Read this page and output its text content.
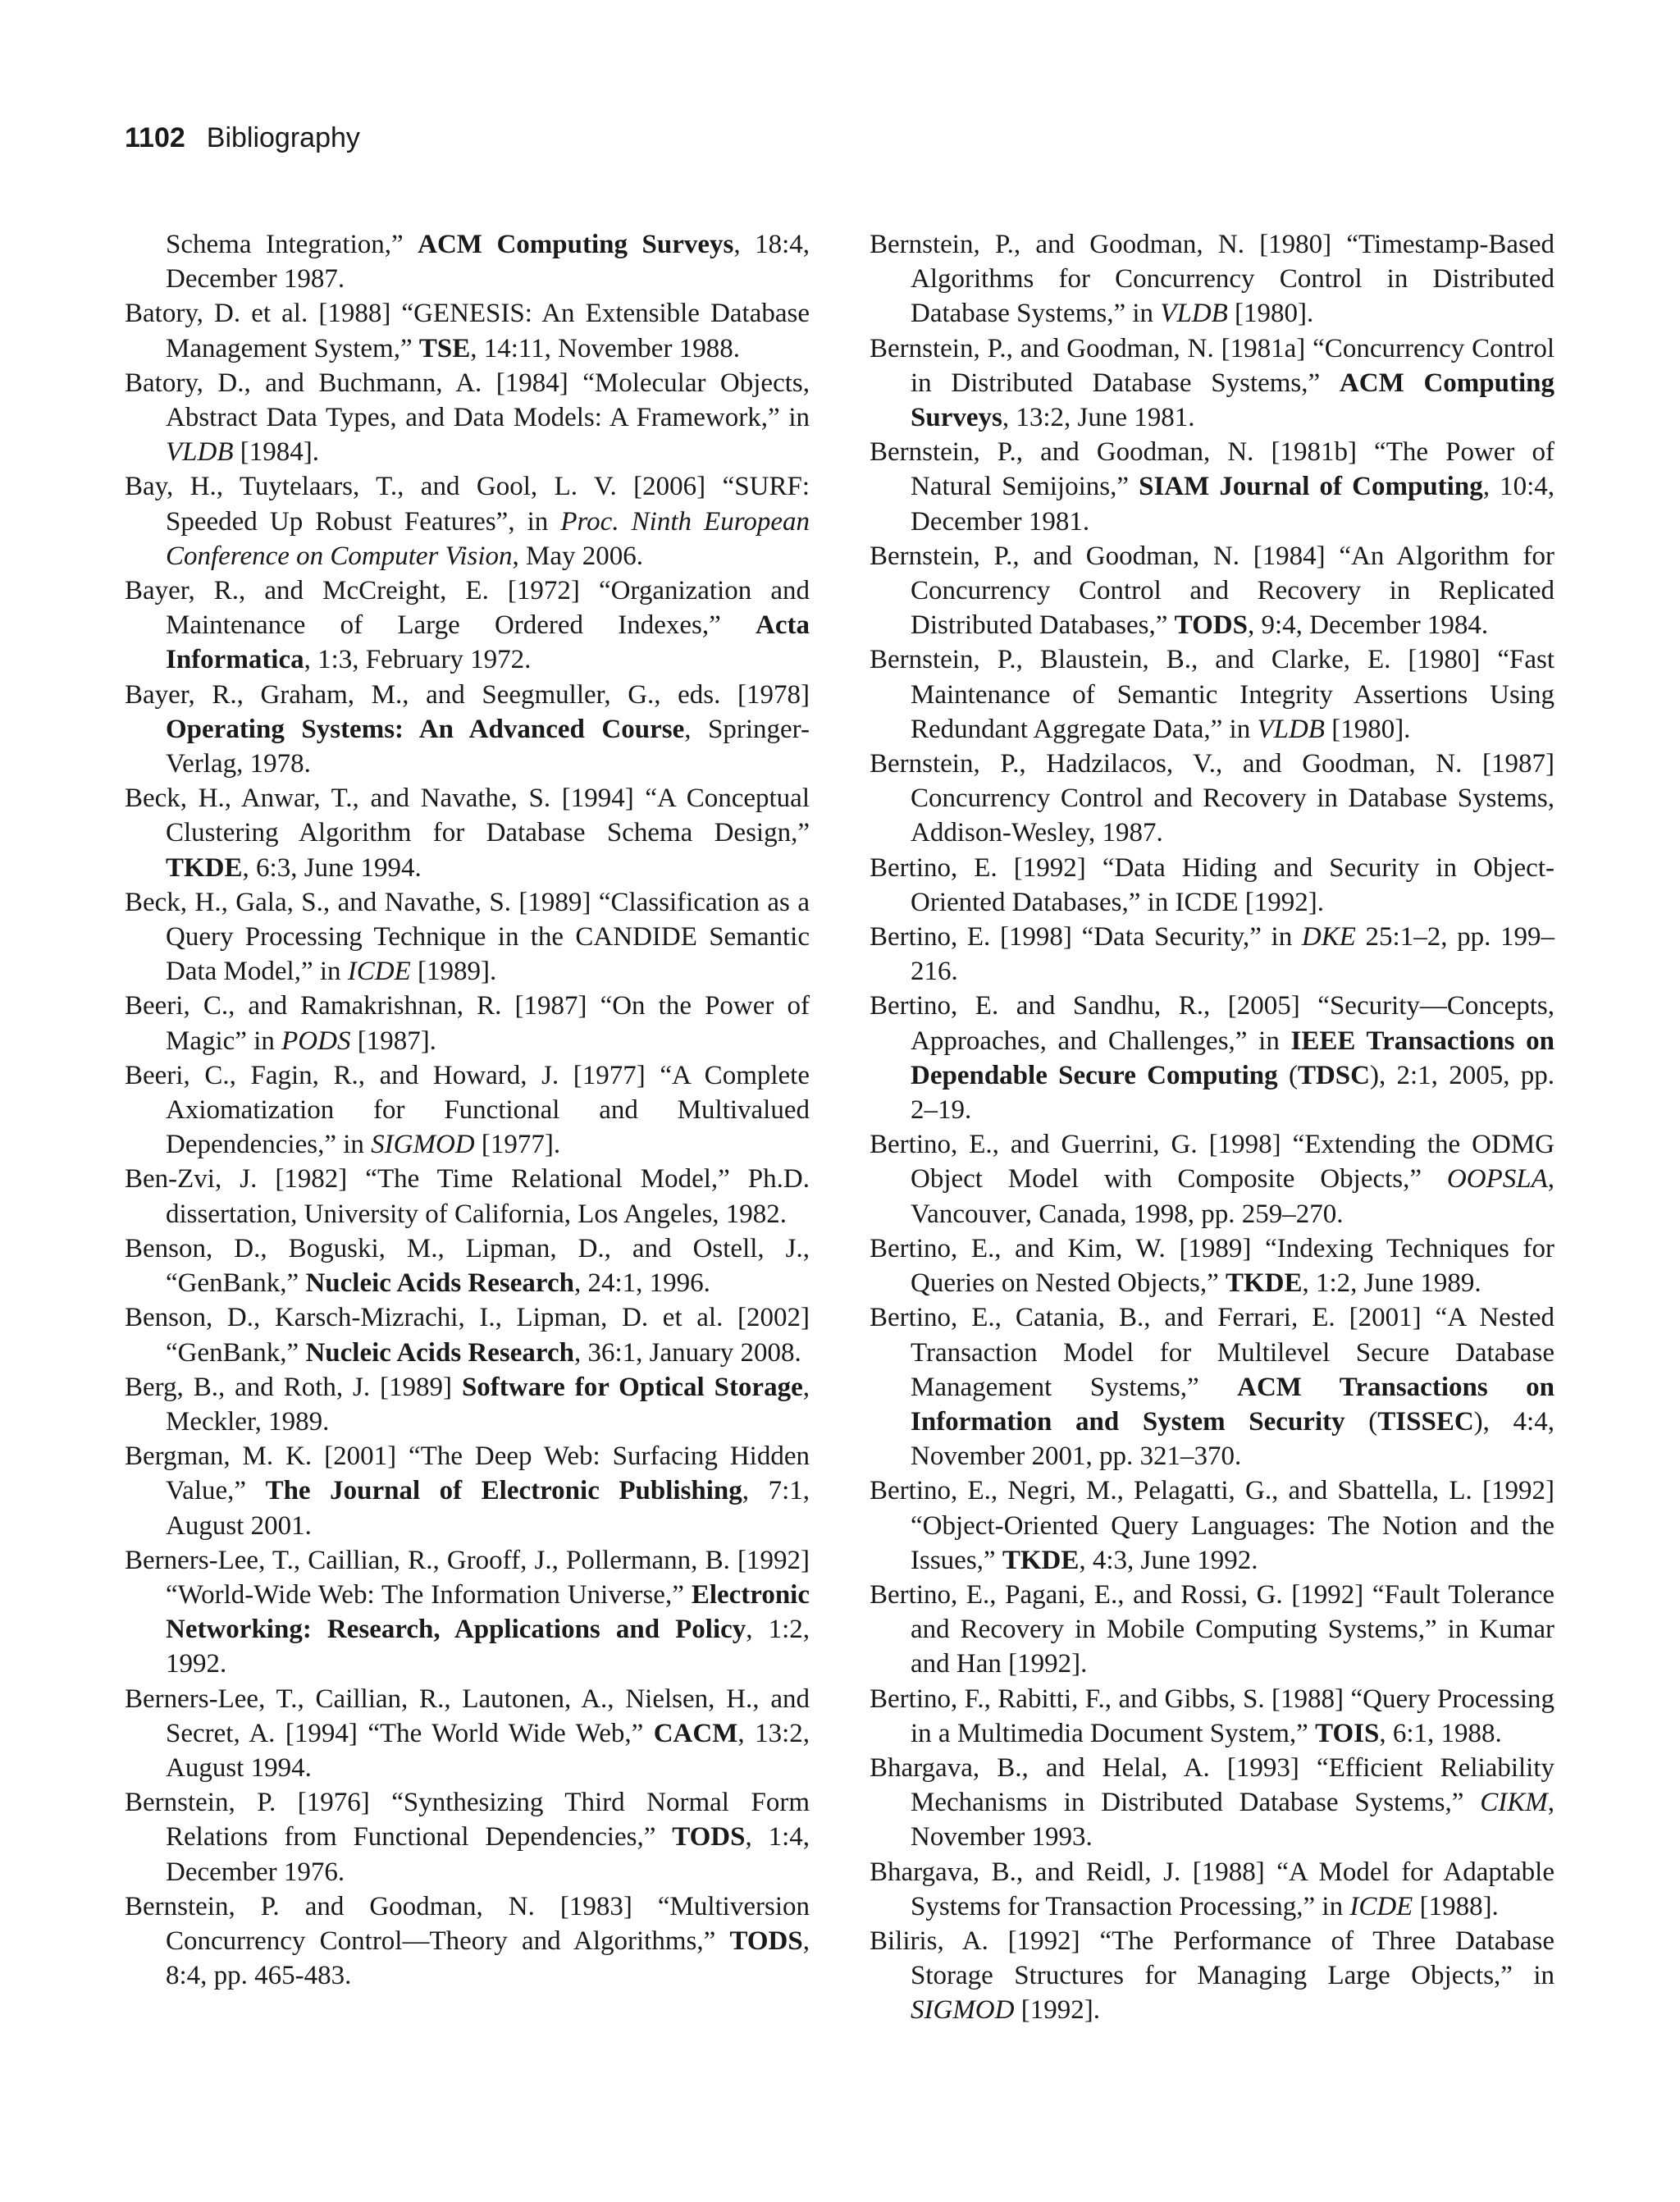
1102 Bibliography

Schema Integration,” ACM Computing Surveys, 18:4, December 1987.

Batory, D. et al. [1988] “GENESIS: An Extensible Database Management System,” TSE, 14:11, November 1988.

Batory, D., and Buchmann, A. [1984] “Molecular Objects, Abstract Data Types, and Data Models: A Framework,” in VLDB [1984].

Bay, H., Tuytelaars, T., and Gool, L. V. [2006] “SURF: Speeded Up Robust Features”, in Proc. Ninth European Conference on Computer Vision, May 2006.

Bayer, R., and McCreight, E. [1972] “Organization and Maintenance of Large Ordered Indexes,” Acta Informatica, 1:3, February 1972.

Bayer, R., Graham, M., and Seegmuller, G., eds. [1978] Operating Systems: An Advanced Course, Springer-Verlag, 1978.

Beck, H., Anwar, T., and Navathe, S. [1994] “A Conceptual Clustering Algorithm for Database Schema Design,” TKDE, 6:3, June 1994.

Beck, H., Gala, S., and Navathe, S. [1989] “Classification as a Query Processing Technique in the CANDIDE Semantic Data Model,” in ICDE [1989].

Beeri, C., and Ramakrishnan, R. [1987] “On the Power of Magic” in PODS [1987].

Beeri, C., Fagin, R., and Howard, J. [1977] “A Complete Axiomatization for Functional and Multivalued Dependencies,” in SIGMOD [1977].

Ben-Zvi, J. [1982] “The Time Relational Model,” Ph.D. dissertation, University of California, Los Angeles, 1982.

Benson, D., Boguski, M., Lipman, D., and Ostell, J., “GenBank,” Nucleic Acids Research, 24:1, 1996.

Benson, D., Karsch-Mizrachi, I., Lipman, D. et al. [2002] “GenBank,” Nucleic Acids Research, 36:1, January 2008.

Berg, B., and Roth, J. [1989] Software for Optical Storage, Meckler, 1989.

Bergman, M. K. [2001] “The Deep Web: Surfacing Hidden Value,” The Journal of Electronic Publishing, 7:1, August 2001.

Berners-Lee, T., Caillian, R., Grooff, J., Pollermann, B. [1992] “World-Wide Web: The Information Universe,” Electronic Networking: Research, Applications and Policy, 1:2, 1992.

Berners-Lee, T., Caillian, R., Lautonen, A., Nielsen, H., and Secret, A. [1994] “The World Wide Web,” CACM, 13:2, August 1994.

Bernstein, P. [1976] “Synthesizing Third Normal Form Relations from Functional Dependencies,” TODS, 1:4, December 1976.

Bernstein, P. and Goodman, N. [1983] “Multiversion Concurrency Control—Theory and Algorithms,” TODS, 8:4, pp. 465-483.

Bernstein, P., and Goodman, N. [1980] “Timestamp-Based Algorithms for Concurrency Control in Distributed Database Systems,” in VLDB [1980].

Bernstein, P., and Goodman, N. [1981a] “Concurrency Control in Distributed Database Systems,” ACM Computing Surveys, 13:2, June 1981.

Bernstein, P., and Goodman, N. [1981b] “The Power of Natural Semijoins,” SIAM Journal of Computing, 10:4, December 1981.

Bernstein, P., and Goodman, N. [1984] “An Algorithm for Concurrency Control and Recovery in Replicated Distributed Databases,” TODS, 9:4, December 1984.

Bernstein, P., Blaustein, B., and Clarke, E. [1980] “Fast Maintenance of Semantic Integrity Assertions Using Redundant Aggregate Data,” in VLDB [1980].

Bernstein, P., Hadzilacos, V., and Goodman, N. [1987] Concurrency Control and Recovery in Database Systems, Addison-Wesley, 1987.

Bertino, E. [1992] “Data Hiding and Security in Object-Oriented Databases,” in ICDE [1992].

Bertino, E. [1998] “Data Security,” in DKE 25:1–2, pp. 199–216.

Bertino, E. and Sandhu, R., [2005] “Security—Concepts, Approaches, and Challenges,” in IEEE Transactions on Dependable Secure Computing (TDSC), 2:1, 2005, pp. 2–19.

Bertino, E., and Guerrini, G. [1998] “Extending the ODMG Object Model with Composite Objects,” OOPSLA, Vancouver, Canada, 1998, pp. 259–270.

Bertino, E., and Kim, W. [1989] “Indexing Techniques for Queries on Nested Objects,” TKDE, 1:2, June 1989.

Bertino, E., Catania, B., and Ferrari, E. [2001] “A Nested Transaction Model for Multilevel Secure Database Management Systems,” ACM Transactions on Information and System Security (TISSEC), 4:4, November 2001, pp. 321–370.

Bertino, E., Negri, M., Pelagatti, G., and Sbattella, L. [1992] “Object-Oriented Query Languages: The Notion and the Issues,” TKDE, 4:3, June 1992.

Bertino, E., Pagani, E., and Rossi, G. [1992] “Fault Tolerance and Recovery in Mobile Computing Systems,” in Kumar and Han [1992].

Bertino, F., Rabitti, F., and Gibbs, S. [1988] “Query Processing in a Multimedia Document System,” TOIS, 6:1, 1988.

Bhargava, B., and Helal, A. [1993] “Efficient Reliability Mechanisms in Distributed Database Systems,” CIKM, November 1993.

Bhargava, B., and Reidl, J. [1988] “A Model for Adaptable Systems for Transaction Processing,” in ICDE [1988].

Biliris, A. [1992] “The Performance of Three Database Storage Structures for Managing Large Objects,” in SIGMOD [1992].
